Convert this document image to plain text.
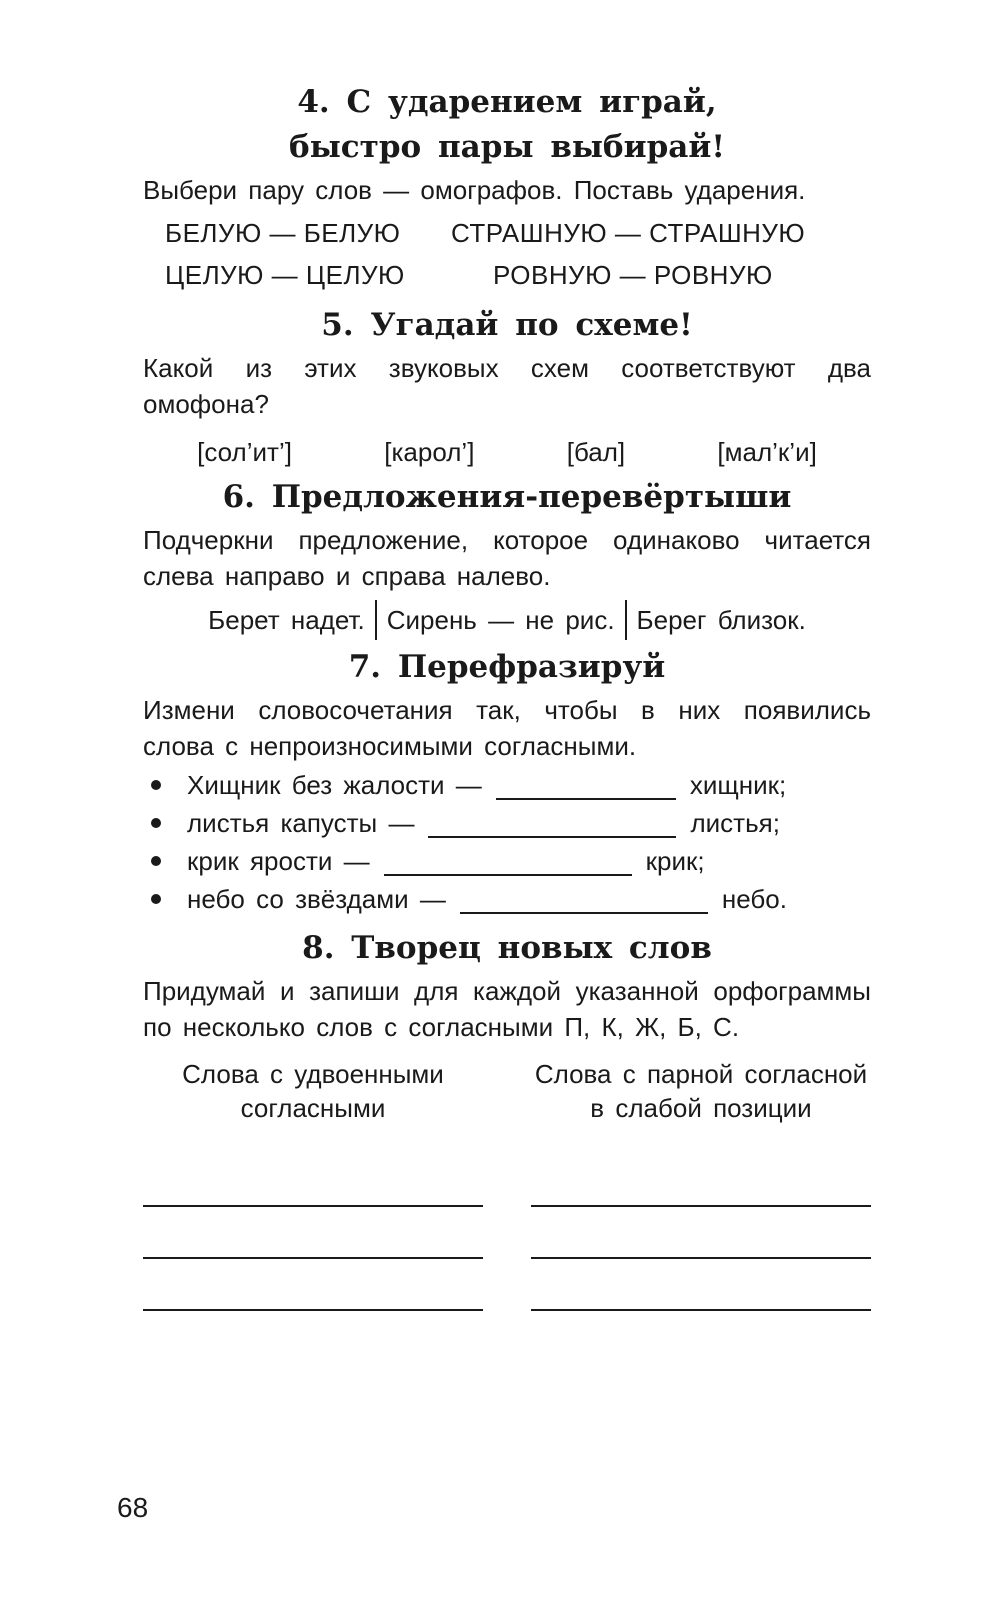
4. С ударением играй,

быстро пары выбирай!

Выбери пару слов — омографов. Поставь ударения.

БЕЛУЮ — БЕЛУЮ	СТРАШНУЮ — СТРАШНУЮ
ЦЕЛУЮ — ЦЕЛУЮ	РОВНУЮ — РОВНУЮ

5. Угадай по схеме!

Какой из этих звуковых схем соответствуют два омофона?

[сол’ит’]	[карол’]	[бал]	[мал’к’и]

6. Предложения-перевёртыши

Подчеркни предложение, которое одинаково читается слева направо и справа налево.

Берет надет. Сирень — не рис. Берег близок.

7. Перефразируй

Измени словосочетания так, чтобы в них появились слова с непроизносимыми согласными.

Хищник без жалости —	хищник;
листья капусты —	листья;
крик ярости —	крик;
небо со звёздами —	небо.

8. Творец новых слов

Придумай и запиши для каждой указанной орфограммы по несколько слов с согласными П, К, Ж, Б, С.

Слова с удвоенными согласными

Слова с парной согласной в слабой позиции

68
